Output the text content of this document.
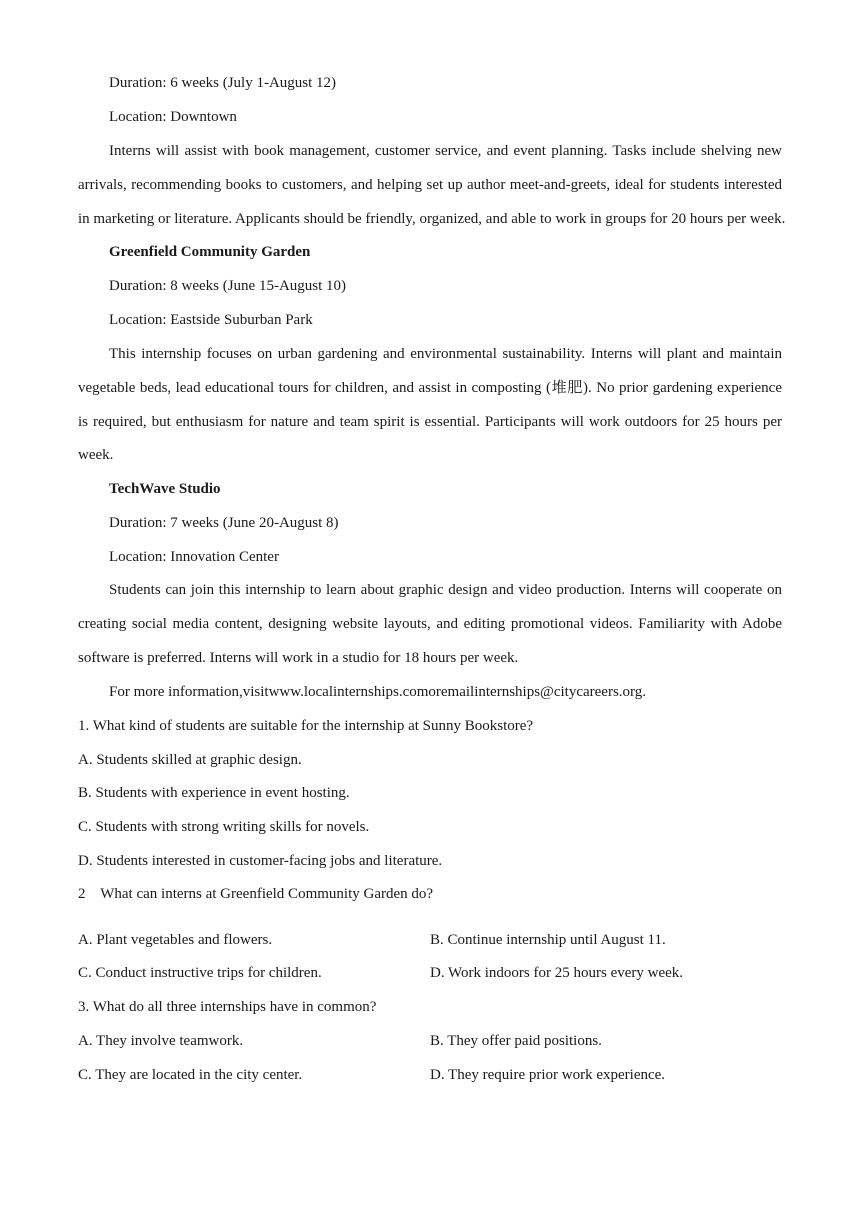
Duration: 6 weeks (July 1-August 12)
Location: Downtown
Interns will assist with book management, customer service, and event planning. Tasks include shelving new
arrivals, recommending books to customers, and helping set up author meet-and-greets, ideal for students interested
in marketing or literature. Applicants should be friendly, organized, and able to work in groups for 20 hours per week.
Greenfield Community Garden
Duration: 8 weeks (June 15-August 10)
Location: Eastside Suburban Park
This internship focuses on urban gardening and environmental sustainability. Interns will plant and maintain
vegetable beds, lead educational tours for children, and assist in composting (堆肥). No prior gardening experience
is required, but enthusiasm for nature and team spirit is essential. Participants will work outdoors for 25 hours per
week.
TechWave Studio
Duration: 7 weeks (June 20-August 8)
Location: Innovation Center
Students can join this internship to learn about graphic design and video production. Interns will cooperate on
creating social media content, designing website layouts, and editing promotional videos. Familiarity with Adobe
software is preferred. Interns will work in a studio for 18 hours per week.
For more information,visitwww.localinternships.comoremailinternships@citycareers.org.
1. What kind of students are suitable for the internship at Sunny Bookstore?
A. Students skilled at graphic design.
B. Students with experience in event hosting.
C. Students with strong writing skills for novels.
D. Students interested in customer-facing jobs and literature.
2    What can interns at Greenfield Community Garden do?
A. Plant vegetables and flowers.	B. Continue internship until August 11.
C. Conduct instructive trips for children.	D. Work indoors for 25 hours every week.
3. What do all three internships have in common?
A. They involve teamwork.	B. They offer paid positions.
C. They are located in the city center.	D. They require prior work experience.
